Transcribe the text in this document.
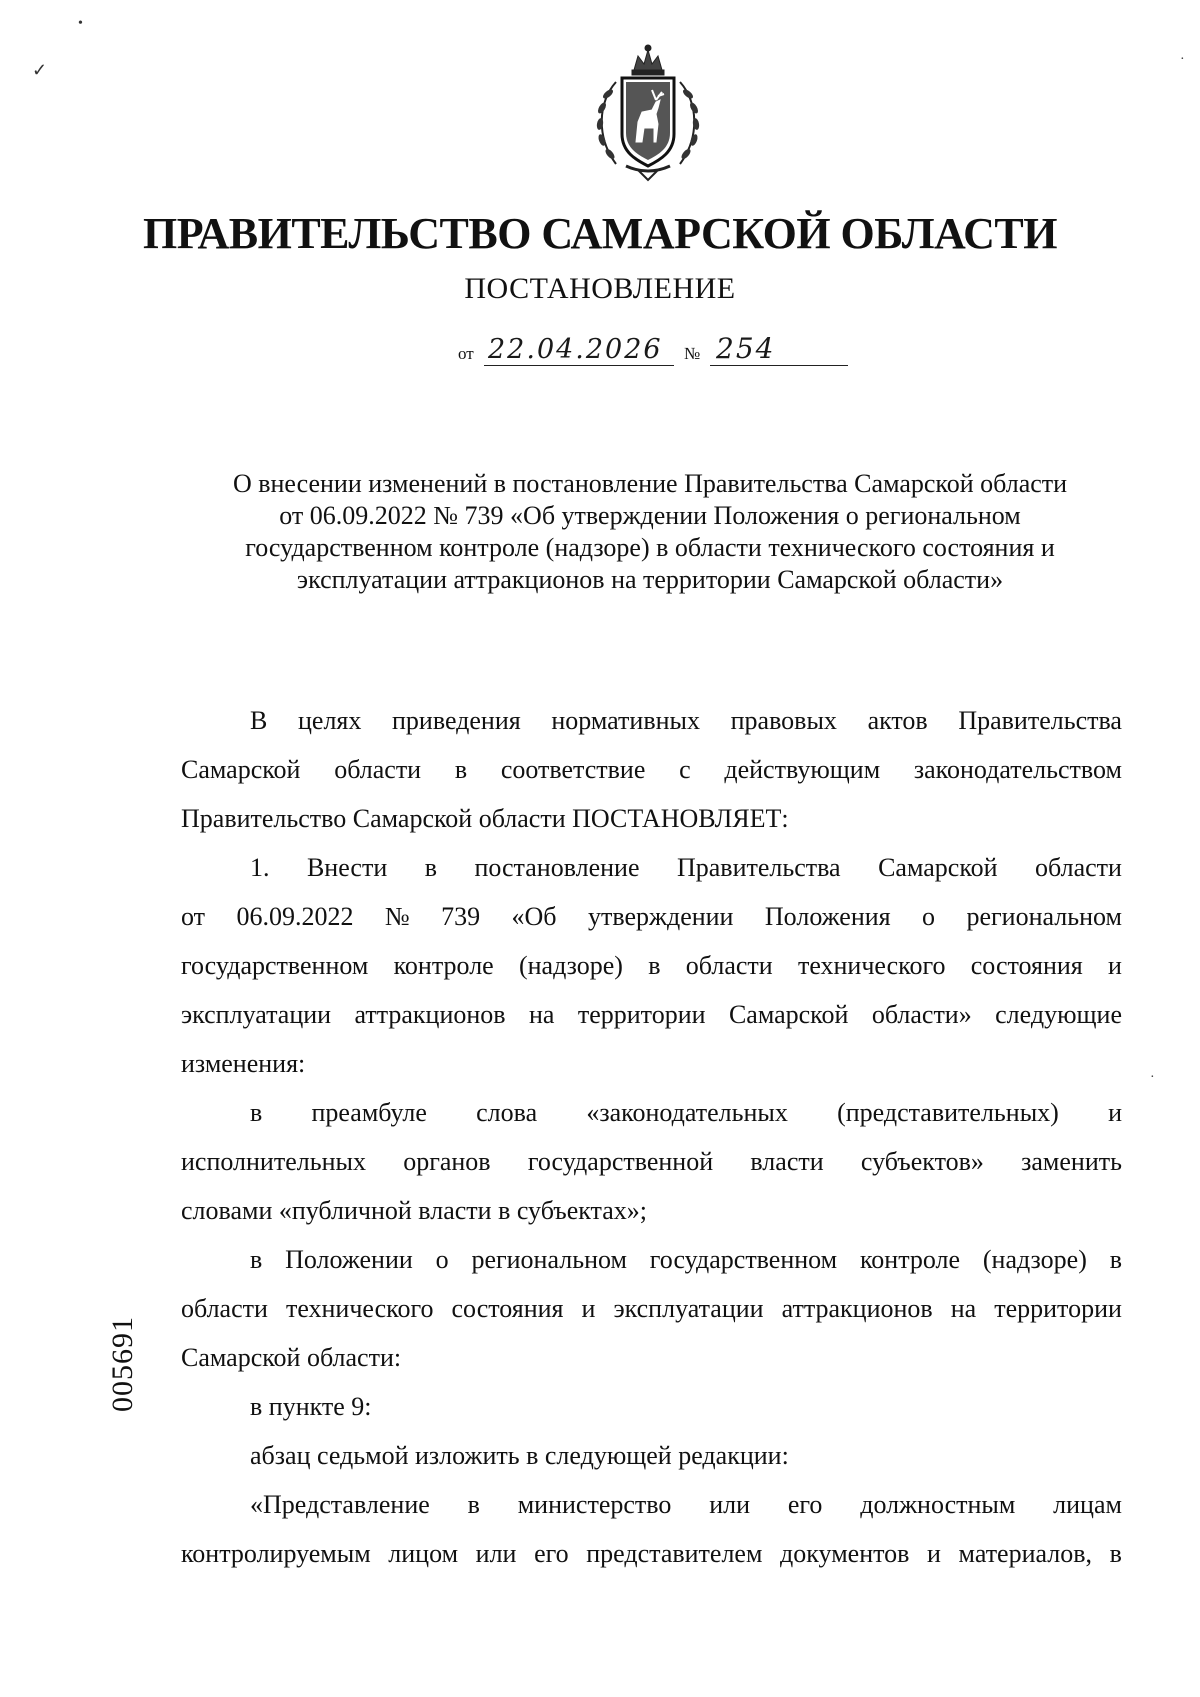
ПРАВИТЕЛЬСТВО САМАРСКОЙ ОБЛАСТИ
ПОСТАНОВЛЕНИЕ
от 22.04.2026 № 254
О внесении изменений в постановление Правительства Самарской области
от 06.09.2022 № 739 «Об утверждении Положения о региональном
государственном контроле (надзоре) в области технического состояния и
эксплуатации аттракционов на территории Самарской области»
В целях приведения нормативных правовых актов Правительства
Самарской области в соответствие с действующим законодательством
Правительство Самарской области ПОСТАНОВЛЯЕТ:
1. Внести в постановление Правительства Самарской области
от 06.09.2022 № 739 «Об утверждении Положения о региональном
государственном контроле (надзоре) в области технического состояния и
эксплуатации аттракционов на территории Самарской области» следующие
изменения:
в преамбуле слова «законодательных (представительных) и
исполнительных органов государственной власти субъектов» заменить
словами «публичной власти в субъектах»;
в Положении о региональном государственном контроле (надзоре) в
области технического состояния и эксплуатации аттракционов на территории
Самарской области:
в пункте 9:
абзац седьмой изложить в следующей редакции:
«Представление в министерство или его должностным лицам
контролируемым лицом или его представителем документов и материалов, в
005691
•
✓
·
·
